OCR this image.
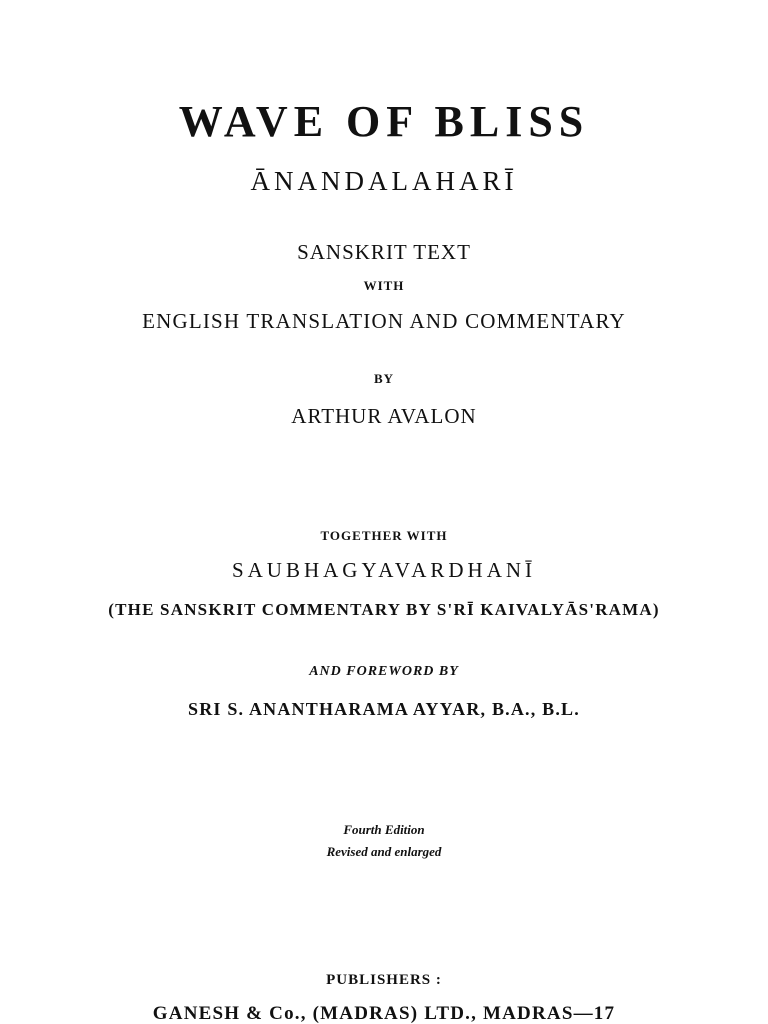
WAVE OF BLISS
ĀNANDALAHARĪ
SANSKRIT TEXT
WITH
ENGLISH TRANSLATION AND COMMENTARY
BY
ARTHUR AVALON
TOGETHER WITH
SAUBHAGYAVARDHANĪ
(THE SANSKRIT COMMENTARY BY S'RĪ KAIVALYĀS'RAMA)
AND FOREWORD BY
SRI S. ANANTHARAMA AYYAR, B.A., B.L.
Fourth Edition
Revised and enlarged
PUBLISHERS :
GANESH & Co., (MADRAS) LTD., MADRAS—17
